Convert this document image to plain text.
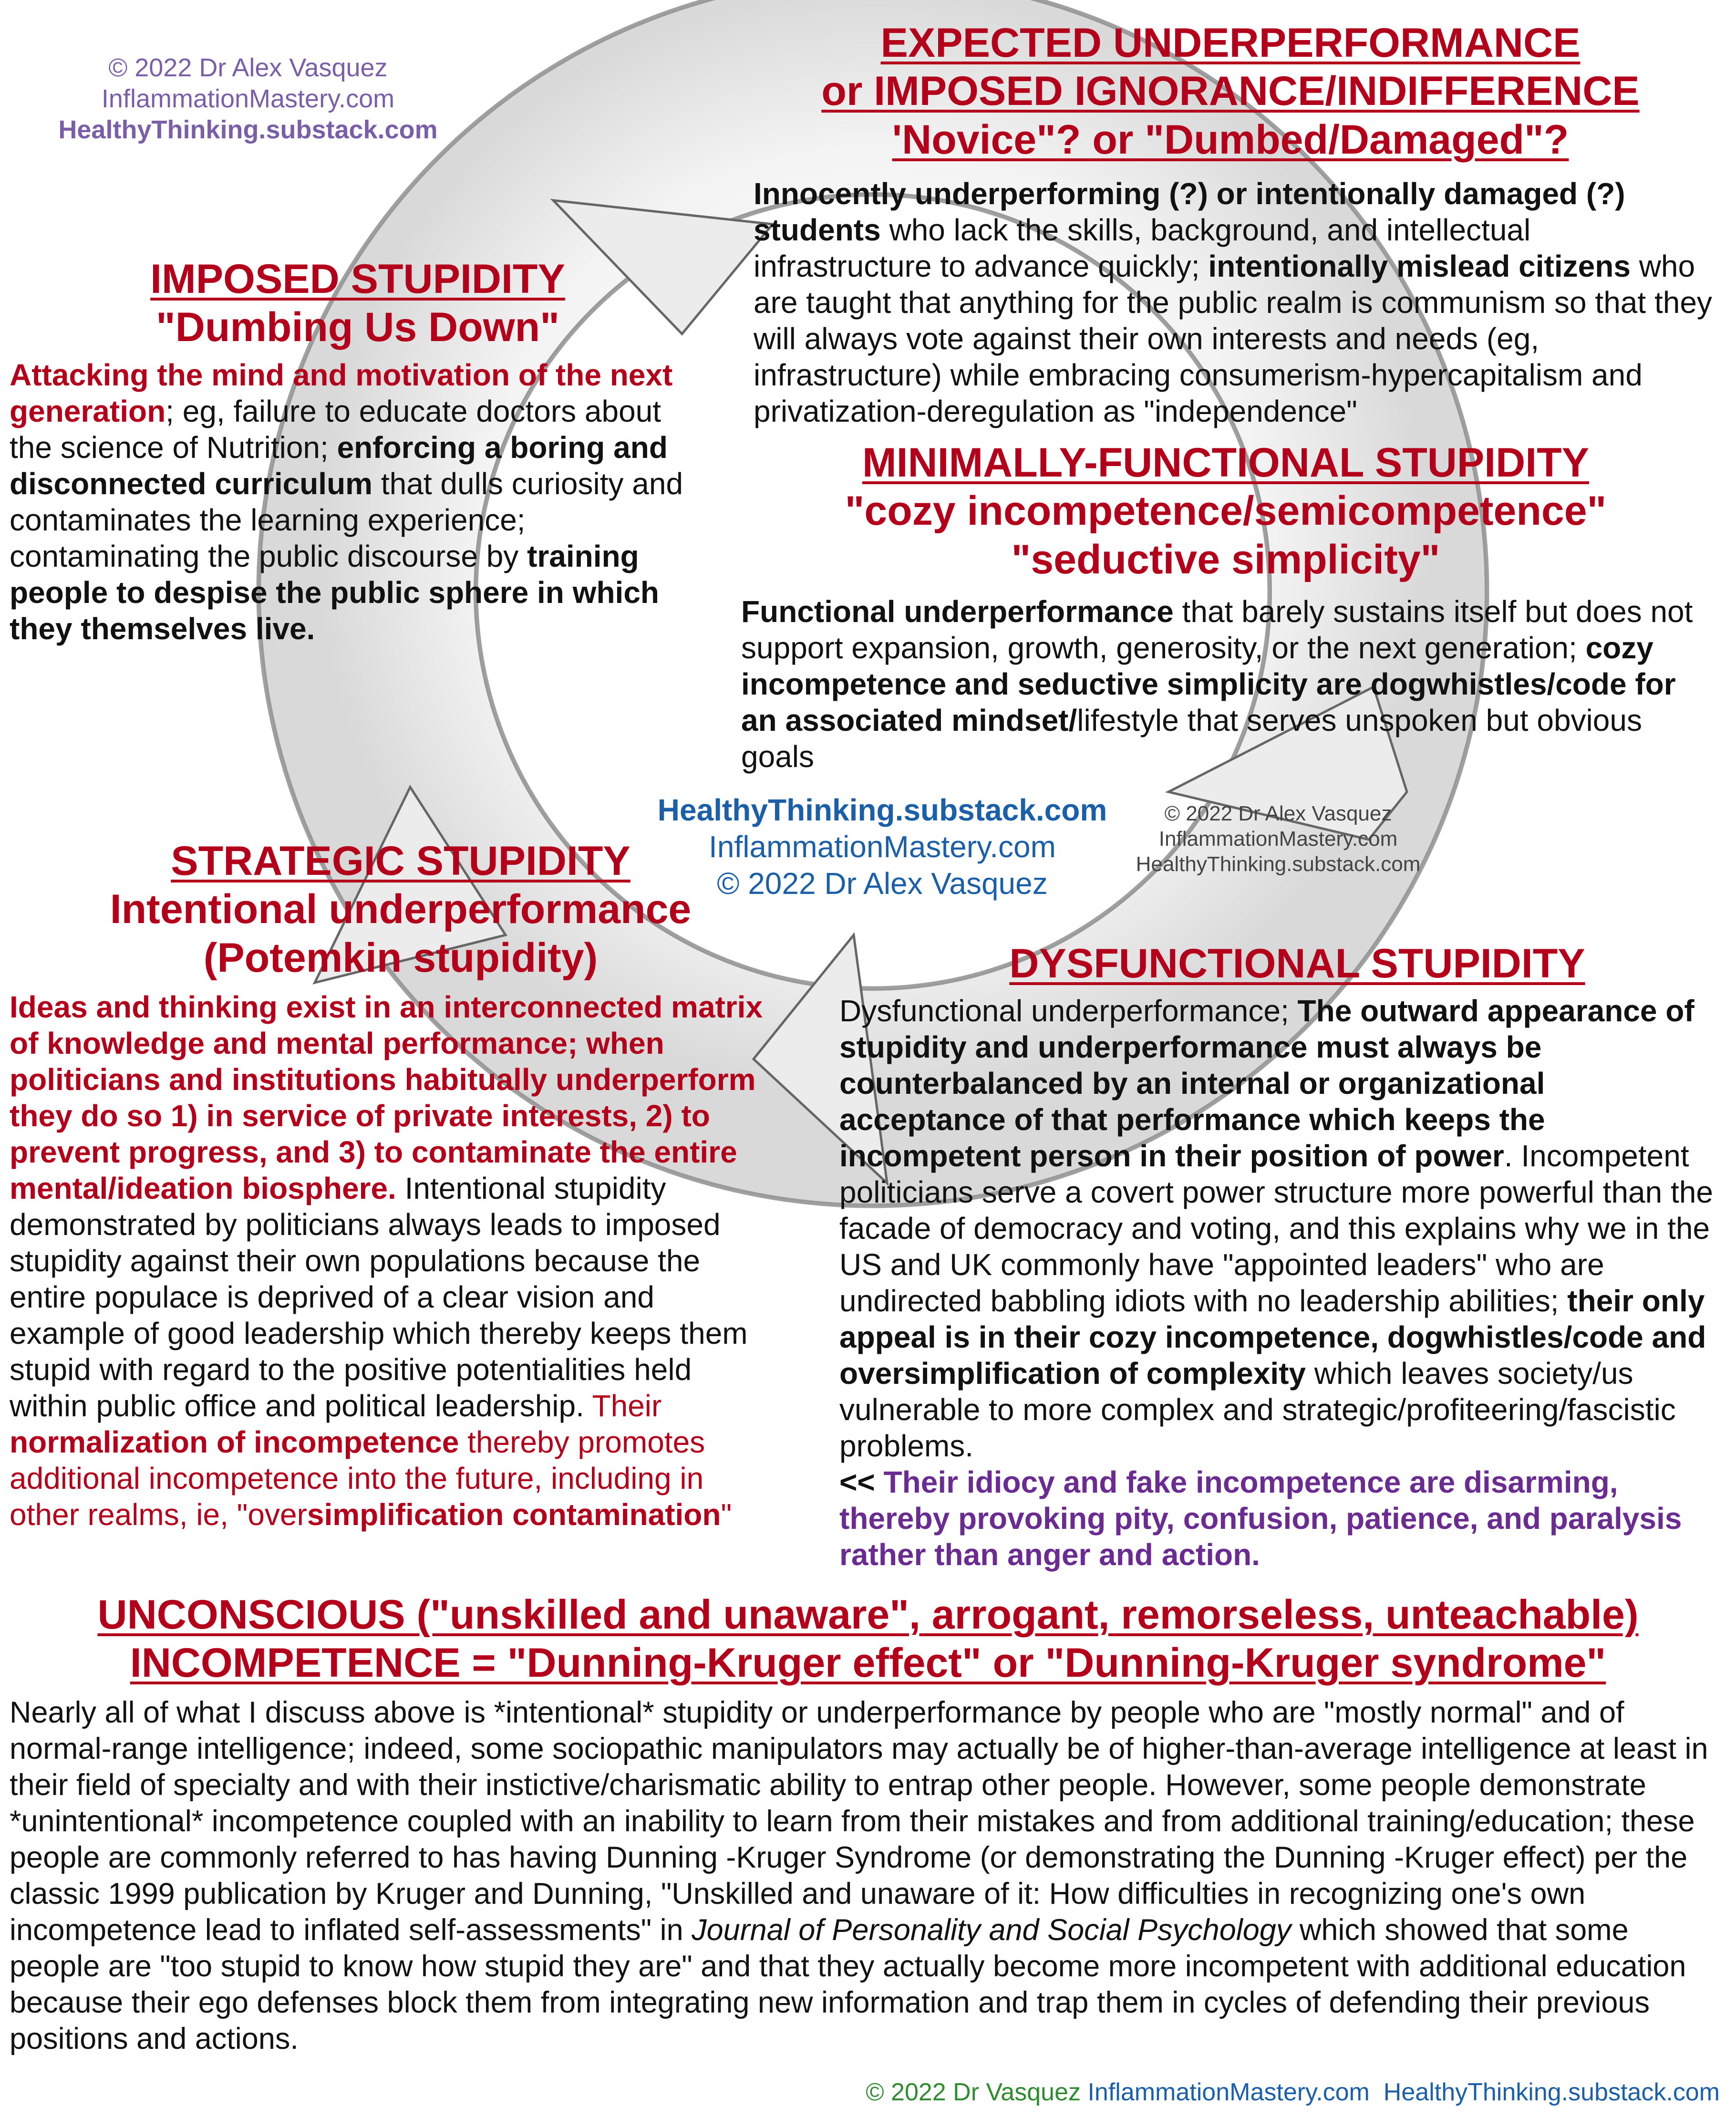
© 2022 Dr Alex Vasquez
InflammationMastery.com
HealthyThinking.substack.com
EXPECTED UNDERPERFORMANCE
or IMPOSED IGNORANCE/INDIFFERENCE
'Novice"? or "Dumbed/Damaged"?
Innocently underperforming (?) or intentionally damaged (?) students who lack the skills, background, and intellectual infrastructure to advance quickly; intentionally mislead citizens who are taught that anything for the public realm is communism so that they will always vote against their own interests and needs (eg, infrastructure) while embracing consumerism-hypercapitalism and privatization-deregulation as "independence"
IMPOSED STUPIDITY
"Dumbing Us Down"
Attacking the mind and motivation of the next generation; eg, failure to educate doctors about the science of Nutrition; enforcing a boring and disconnected curriculum that dulls curiosity and contaminates the learning experience; contaminating the public discourse by training people to despise the public sphere in which they themselves live.
MINIMALLY-FUNCTIONAL STUPIDITY
"cozy incompetence/semicompetence"
"seductive simplicity"
Functional underperformance that barely sustains itself but does not support expansion, growth, generosity, or the next generation; cozy incompetence and seductive simplicity are dogwhistles/code for an associated mindset/lifestyle that serves unspoken but obvious goals
HealthyThinking.substack.com
InflammationMastery.com
© 2022 Dr Alex Vasquez
© 2022 Dr Alex Vasquez
InflammationMastery.com
HealthyThinking.substack.com
STRATEGIC STUPIDITY
Intentional underperformance
(Potemkin stupidity)
Ideas and thinking exist in an interconnected matrix of knowledge and mental performance; when politicians and institutions habitually underperform they do so 1) in service of private interests, 2) to prevent progress, and 3) to contaminate the entire mental/ideation biosphere. Intentional stupidity demonstrated by politicians always leads to imposed stupidity against their own populations because the entire populace is deprived of a clear vision and example of good leadership which thereby keeps them stupid with regard to the positive potentialities held within public office and political leadership. Their normalization of incompetence thereby promotes additional incompetence into the future, including in other realms, ie, "oversimplification contamination"
DYSFUNCTIONAL STUPIDITY
Dysfunctional underperformance; The outward appearance of stupidity and underperformance must always be counterbalanced by an internal or organizational acceptance of that performance which keeps the incompetent person in their position of power. Incompetent politicians serve a covert power structure more powerful than the facade of democracy and voting, and this explains why we in the US and UK commonly have "appointed leaders" who are undirected babbling idiots with no leadership abilities; their only appeal is in their cozy incompetence, dogwhistles/code and oversimplification of complexity which leaves society/us vulnerable to more complex and strategic/profiteering/fascistic problems.
<< Their idiocy and fake incompetence are disarming, thereby provoking pity, confusion, patience, and paralysis rather than anger and action.
UNCONSCIOUS ("unskilled and unaware", arrogant, remorseless, unteachable)
INCOMPETENCE = "Dunning-Kruger effect" or "Dunning-Kruger syndrome"
Nearly all of what I discuss above is *intentional* stupidity or underperformance by people who are "mostly normal" and of normal-range intelligence; indeed, some sociopathic manipulators may actually be of higher-than-average intelligence at least in their field of specialty and with their instictive/charismatic ability to entrap other people. However, some people demonstrate *unintentional* incompetence coupled with an inability to learn from their mistakes and from additional training/education; these people are commonly referred to has having Dunning -Kruger Syndrome (or demonstrating the Dunning -Kruger effect) per the classic 1999 publication by Kruger and Dunning, "Unskilled and unaware of it: How difficulties in recognizing one's own incompetence lead to inflated self-assessments" in Journal of Personality and Social Psychology which showed that some people are "too stupid to know how stupid they are" and that they actually become more incompetent with additional education because their ego defenses block them from integrating new information and trap them in cycles of defending their previous positions and actions.
© 2022 Dr Vasquez InflammationMastery.com HealthyThinking.substack.com
